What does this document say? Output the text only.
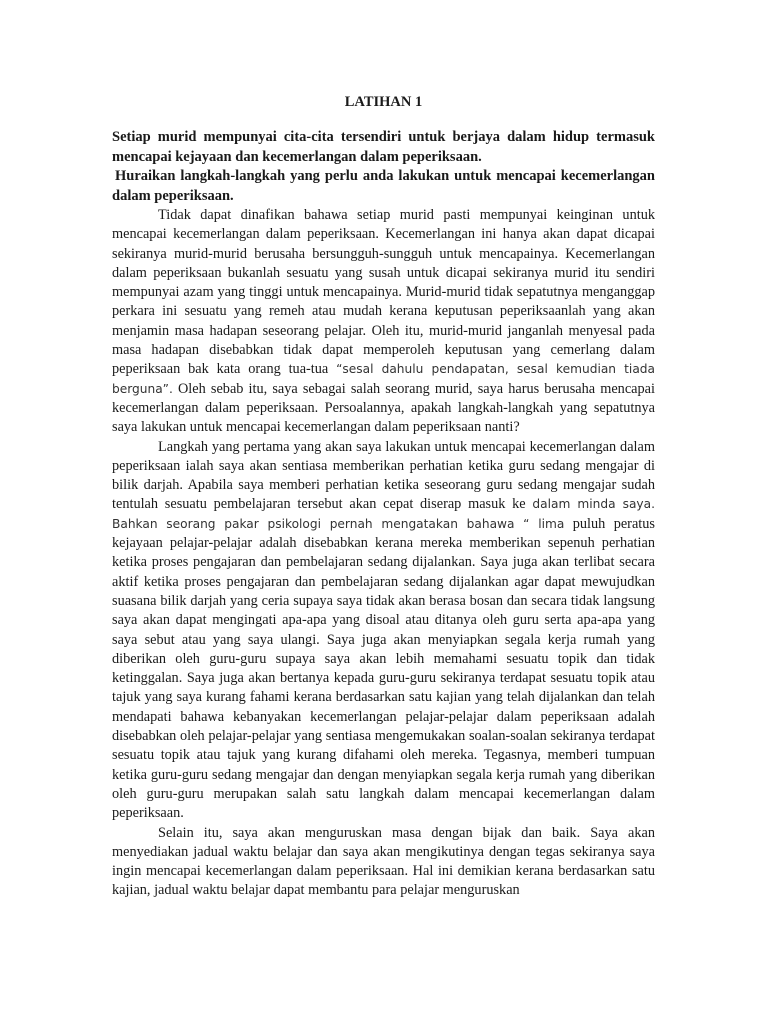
LATIHAN 1

Setiap murid mempunyai cita-cita tersendiri untuk berjaya dalam hidup termasuk mencapai kejayaan dan kecemerlangan dalam peperiksaan.

Huraikan langkah-langkah yang perlu anda lakukan untuk mencapai kecemerlangan dalam peperiksaan.

Tidak dapat dinafikan bahawa setiap murid pasti mempunyai keinginan untuk mencapai kecemerlangan dalam peperiksaan. Kecemerlangan ini hanya akan dapat dicapai sekiranya murid-murid berusaha bersungguh-sungguh untuk mencapainya. Kecemerlangan dalam peperiksaan bukanlah sesuatu yang susah untuk dicapai sekiranya murid itu sendiri mempunyai azam yang tinggi untuk mencapainya. Murid-murid tidak sepatutnya menganggap perkara ini sesuatu yang remeh atau mudah kerana keputusan peperiksaanlah yang akan menjamin masa hadapan seseorang pelajar. Oleh itu, murid-murid janganlah menyesal pada masa hadapan disebabkan tidak dapat memperoleh keputusan yang cemerlang dalam peperiksaan bak kata orang tua-tua “sesal dahulu pendapatan, sesal kemudian tiada berguna”. Oleh sebab itu, saya sebagai salah seorang murid, saya harus berusaha mencapai kecemerlangan dalam peperiksaan. Persoalannya, apakah langkah-langkah yang sepatutnya saya lakukan untuk mencapai kecemerlangan dalam peperiksaan nanti?

Langkah yang pertama yang akan saya lakukan untuk mencapai kecemerlangan dalam peperiksaan ialah saya akan sentiasa memberikan perhatian ketika guru sedang mengajar di bilik darjah. Apabila saya memberi perhatian ketika seseorang guru sedang mengajar sudah tentulah sesuatu pembelajaran tersebut akan cepat diserap masuk ke dalam minda saya. Bahkan seorang pakar psikologi pernah mengatakan bahawa “ lima puluh peratus kejayaan pelajar-pelajar adalah disebabkan kerana mereka memberikan sepenuh perhatian ketika proses pengajaran dan pembelajaran sedang dijalankan. Saya juga akan terlibat secara aktif ketika proses pengajaran dan pembelajaran sedang dijalankan agar dapat mewujudkan suasana bilik darjah yang ceria supaya saya tidak akan berasa bosan dan secara tidak langsung saya akan dapat mengingati apa-apa yang disoal atau ditanya oleh guru serta apa-apa yang saya sebut atau yang saya ulangi. Saya juga akan menyiapkan segala kerja rumah yang diberikan oleh guru-guru supaya saya akan lebih memahami sesuatu topik dan tidak ketinggalan. Saya juga akan bertanya kepada guru-guru sekiranya terdapat sesuatu topik atau tajuk yang saya kurang fahami kerana berdasarkan satu kajian yang telah dijalankan dan telah mendapati bahawa kebanyakan kecemerlangan pelajar-pelajar dalam peperiksaan adalah disebabkan oleh pelajar-pelajar yang sentiasa mengemukakan soalan-soalan sekiranya terdapat sesuatu topik atau tajuk yang kurang difahami oleh mereka. Tegasnya, memberi tumpuan ketika guru-guru sedang mengajar dan dengan menyiapkan segala kerja rumah yang diberikan oleh guru-guru merupakan salah satu langkah dalam mencapai kecemerlangan dalam peperiksaan.

Selain itu, saya akan menguruskan masa dengan bijak dan baik. Saya akan menyediakan jadual waktu belajar dan saya akan mengikutinya dengan tegas sekiranya saya ingin mencapai kecemerlangan dalam peperiksaan. Hal ini demikian kerana berdasarkan satu kajian, jadual waktu belajar dapat membantu para pelajar menguruskan
